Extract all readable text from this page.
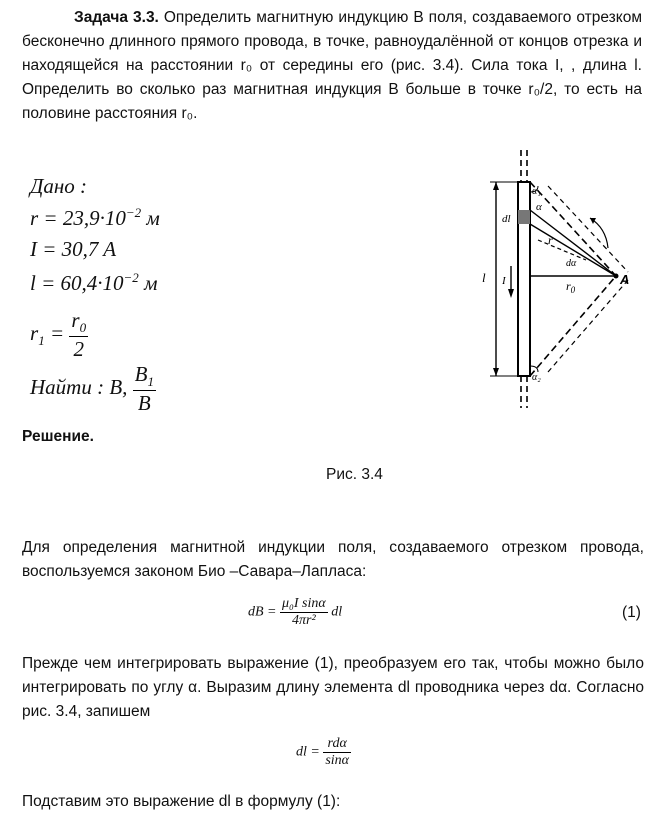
Задача 3.3. Определить магнитную индукцию B поля, создаваемого отрезком бесконечно длинного прямого провода, в точке, равноудалённой от концов отрезка и находящейся на расстоянии r₀ от середины его (рис. 3.4). Сила тока I, , длина l. Определить во сколько раз магнитная индукция B больше в точке r₀/2, то есть на половине расстояния r₀.
Дано :
$r = 23,9\cdot 10^{-2}$ м
I = 30,7 A
$l = 60,4\cdot 10^{-2}$ м
$r_1 = \frac{r_0}{2}$
Найти : B, $\frac{B_1}{B}$
A
$r_0$
r
l
dl
I
α
dα
α₁
α₂
Решение.
Рис. 3.4
Для определения магнитной индукции поля, создаваемого отрезком провода, воспользуемся законом Био –Савара–Лапласа:
dB = $\frac{\text{μ₀I sinα}}{\text{4πr²}}$ dl	(1)
Прежде чем интегрировать выражение (1), преобразуем его так, чтобы можно было интегрировать по углу α. Выразим длину элемента dl проводника через dα. Согласно рис. 3.4, запишем
dl = $\frac{\text{rdα}}{\sin\alpha}$
Подставим это выражение dl в формулу (1):
